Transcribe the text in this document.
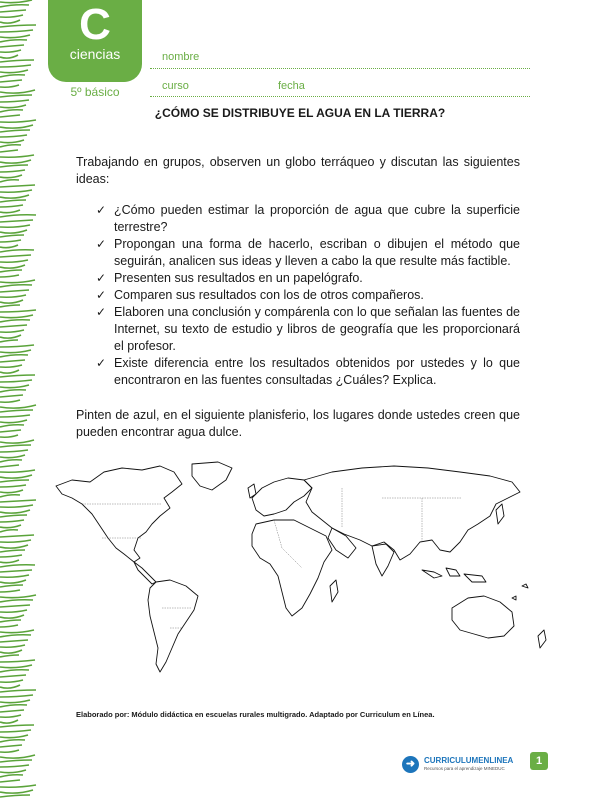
C
ciencias
5º básico
nombre
curso	fecha
¿CÓMO SE DISTRIBUYE EL AGUA EN LA TIERRA?
Trabajando en grupos, observen un globo terráqueo y discutan las siguientes ideas:
✓ ¿Cómo pueden estimar la proporción de agua que cubre la superficie terrestre?
✓ Propongan una forma de hacerlo, escriban o dibujen el método que seguirán, analicen sus ideas y lleven a cabo la que resulte más factible.
✓ Presenten sus resultados en un papelógrafo.
✓ Comparen sus resultados con los de otros compañeros.
✓ Elaboren una conclusión y compárenla con lo que señalan las fuentes de Internet, su texto de estudio y libros de geografía que les proporcionará el profesor.
✓ Existe diferencia entre los resultados obtenidos por ustedes y lo que encontraron en las fuentes consultadas ¿Cuáles? Explica.
Pinten de azul, en el siguiente planisferio, los lugares donde ustedes creen que pueden encontrar agua dulce.
Elaborado por: Módulo didáctica en escuelas rurales multigrado. Adaptado por Curriculum en Línea.
➜	CURRICULUMENLINEA
Recursos para el aprendizaje MINEDUC
1
